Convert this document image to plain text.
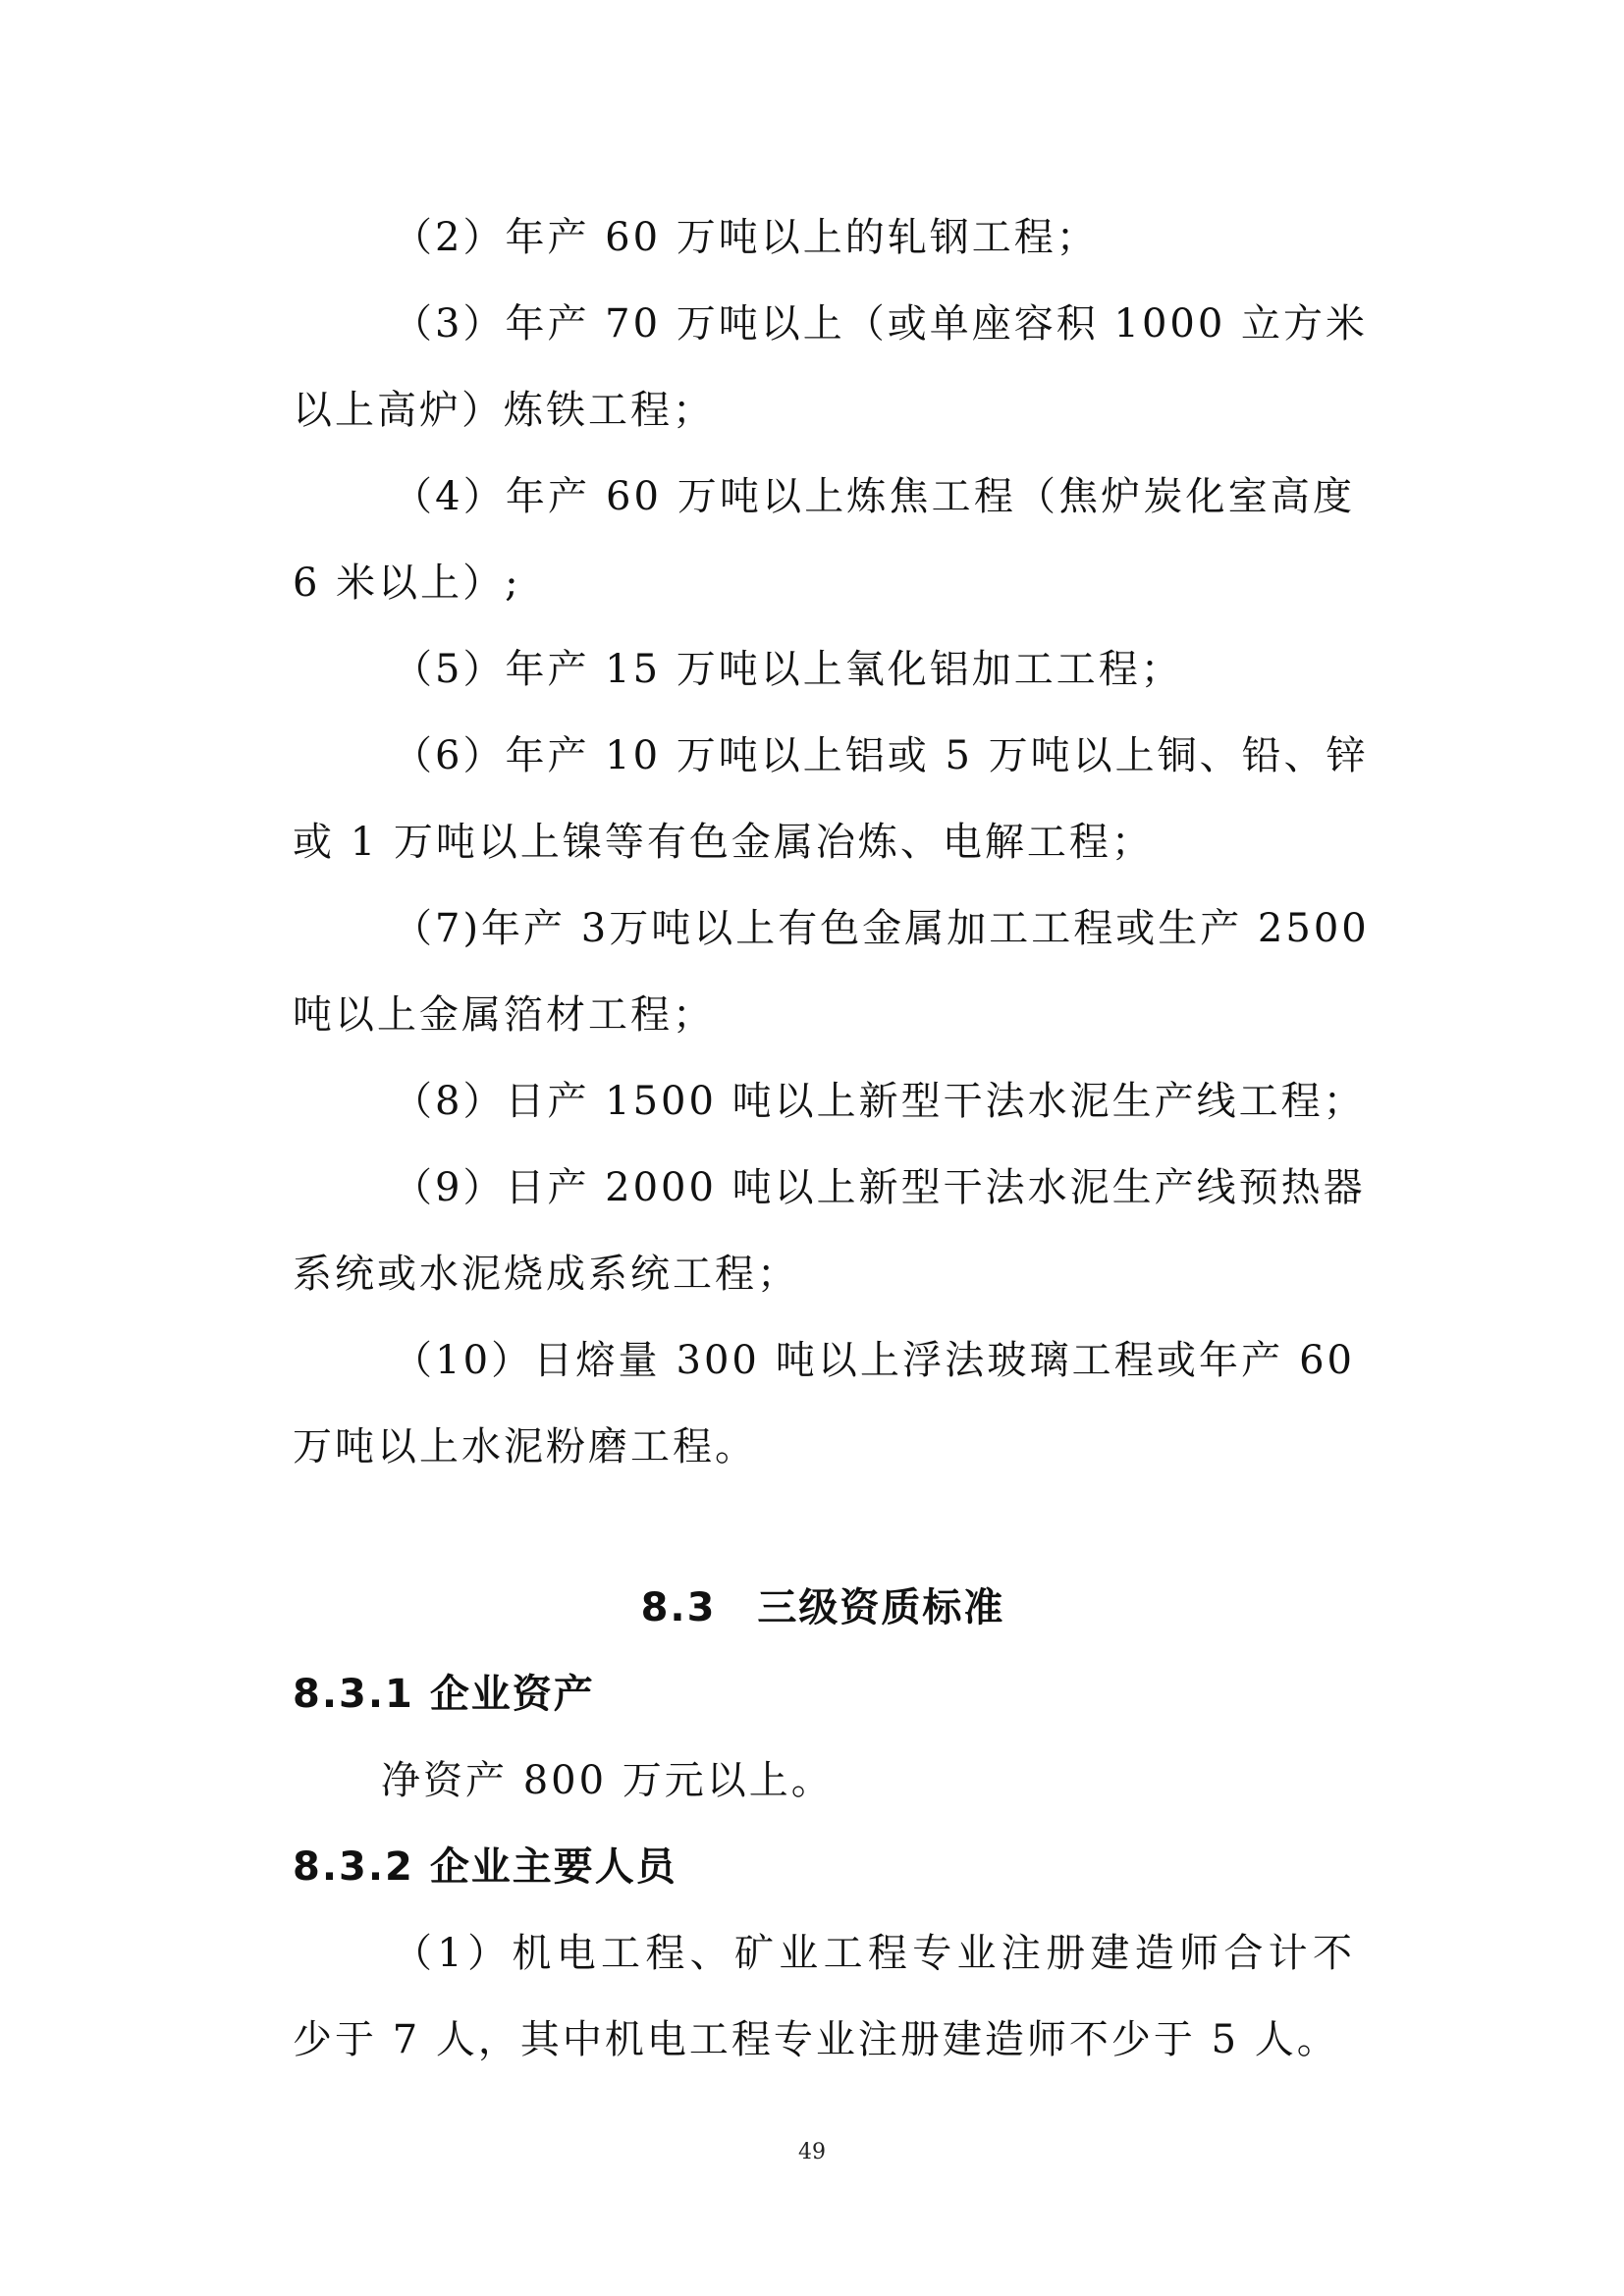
（2）年产 60 万吨以上的轧钢工程；
（3）年产 70 万吨以上（或单座容积 1000 立方米
以上高炉）炼铁工程；
（4）年产 60 万吨以上炼焦工程（焦炉炭化室高度
6 米以上）;
（5）年产 15 万吨以上氧化铝加工工程；
（6）年产 10 万吨以上铝或 5 万吨以上铜、铅、锌
或 1 万吨以上镍等有色金属冶炼、电解工程；
（7)年产 3万吨以上有色金属加工工程或生产 2500
吨以上金属箔材工程；
（8）日产 1500 吨以上新型干法水泥生产线工程；
（9）日产 2000 吨以上新型干法水泥生产线预热器
系统或水泥烧成系统工程；
（10）日熔量 300 吨以上浮法玻璃工程或年产 60
万吨以上水泥粉磨工程。
8.3　三级资质标准
8.3.1 企业资产
净资产 800 万元以上。
8.3.2 企业主要人员
（1）机电工程、矿业工程专业注册建造师合计不
少于 7 人，其中机电工程专业注册建造师不少于 5 人。
49
